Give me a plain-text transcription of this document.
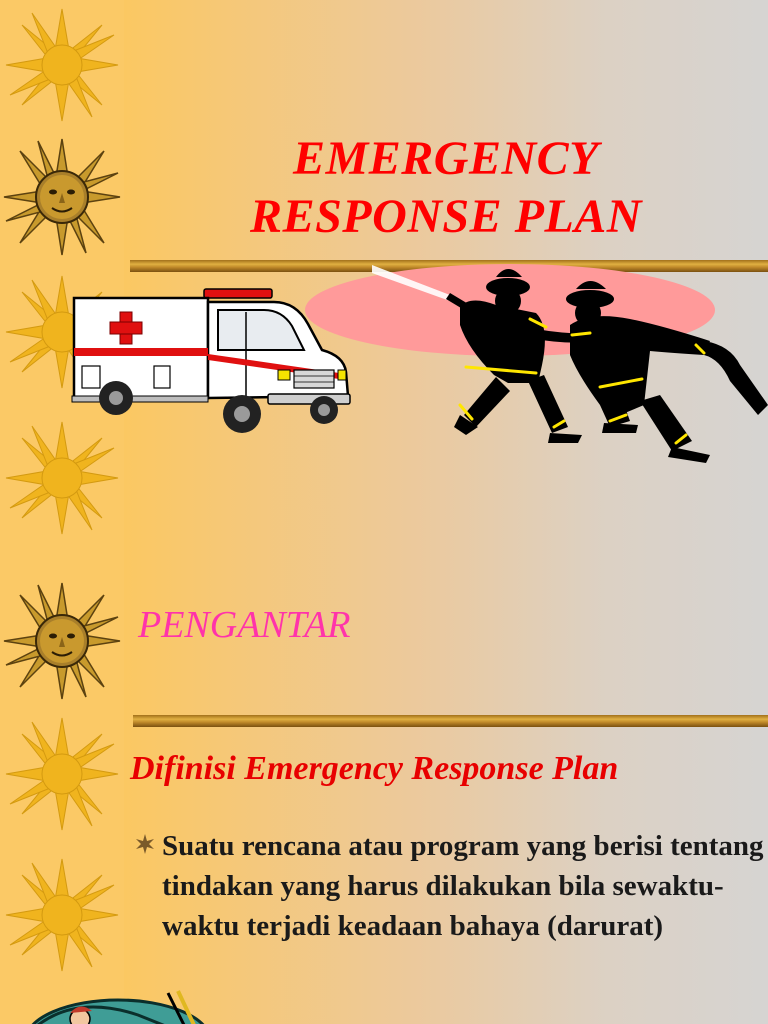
EMERGENCY
RESPONSE PLAN
PENGANTAR
Difinisi Emergency Response Plan
Suatu rencana atau program yang berisi tentang tindakan yang harus dilakukan bila sewaktu-waktu terjadi keadaan bahaya (darurat)
